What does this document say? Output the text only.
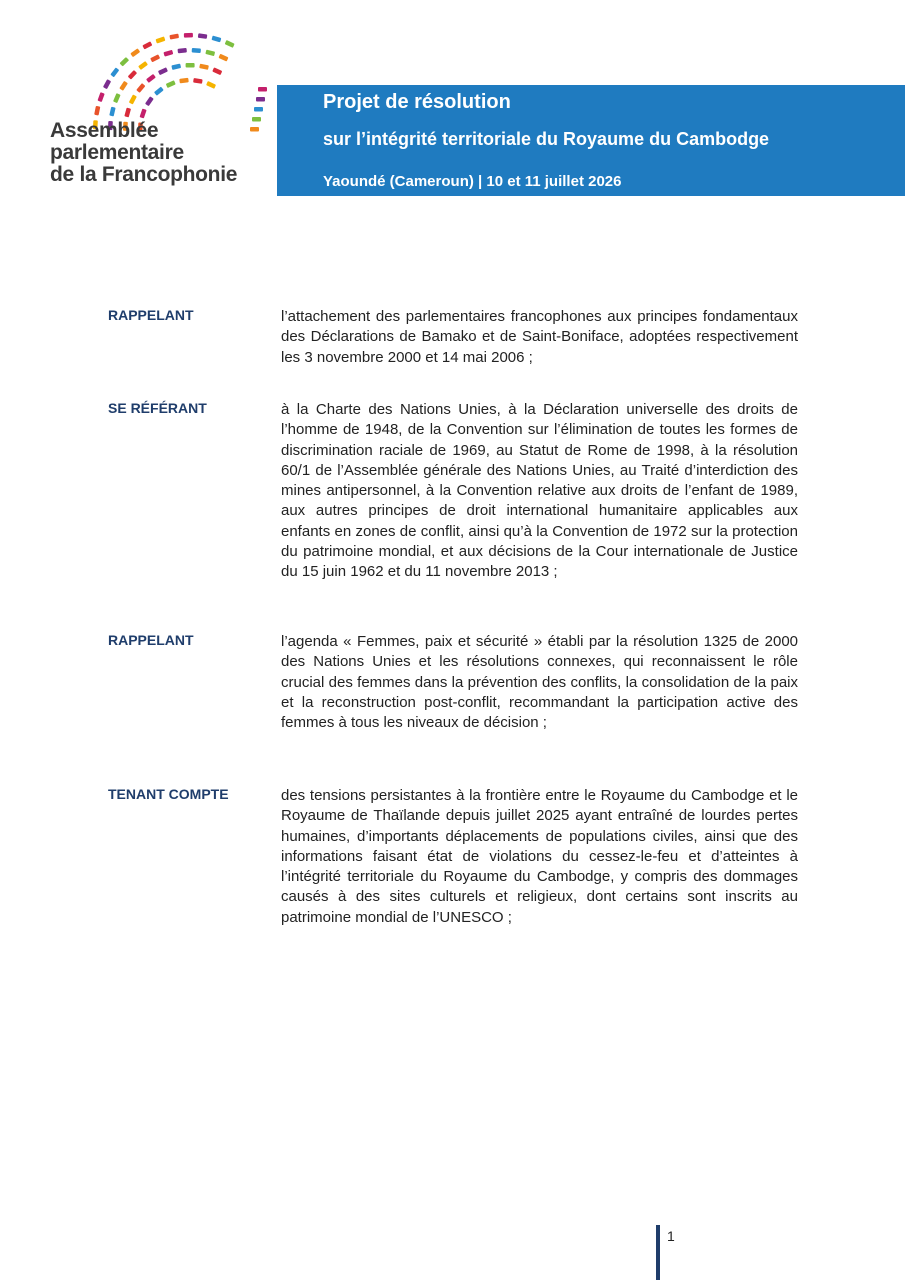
Assemblée
parlementaire
de la Francophonie
Projet de résolution
sur l’intégrité territoriale du Royaume du Cambodge
Yaoundé (Cameroun) | 10 et 11 juillet 2026
RAPPELANT	l’attachement des parlementaires francophones aux principes fondamentaux des Déclarations de Bamako et de Saint-Boniface, adoptées respectivement les 3 novembre 2000 et 14 mai 2006 ;
SE RÉFÉRANT	à la Charte des Nations Unies, à la Déclaration universelle des droits de l’homme de 1948, de la Convention sur l’élimination de toutes les formes de discrimination raciale de 1969, au Statut de Rome de 1998, à la résolution 60/1 de l’Assemblée générale des Nations Unies, au Traité d’interdiction des mines antipersonnel, à la Convention relative aux droits de l’enfant de 1989, aux autres principes de droit international humanitaire applicables aux enfants en zones de conflit, ainsi qu’à la Convention de 1972 sur la protection du patrimoine mondial, et aux décisions de la Cour internationale de Justice du 15 juin 1962 et du 11 novembre 2013 ;
RAPPELANT	l’agenda « Femmes, paix et sécurité » établi par la résolution 1325 de 2000 des Nations Unies et les résolutions connexes, qui reconnaissent le rôle crucial des femmes dans la prévention des conflits, la consolidation de la paix et la reconstruction post-conflit, recommandant la participation active des femmes à tous les niveaux de décision ;
TENANT COMPTE	des tensions persistantes à la frontière entre le Royaume du Cambodge et le Royaume de Thaïlande depuis juillet 2025 ayant entraîné de lourdes pertes humaines, d’importants déplacements de populations civiles, ainsi que des informations faisant état de violations du cessez-le-feu et d’atteintes à l’intégrité territoriale du Royaume du Cambodge, y compris des dommages causés à des sites culturels et religieux, dont certains sont inscrits au patrimoine mondial de l’UNESCO ;
1
